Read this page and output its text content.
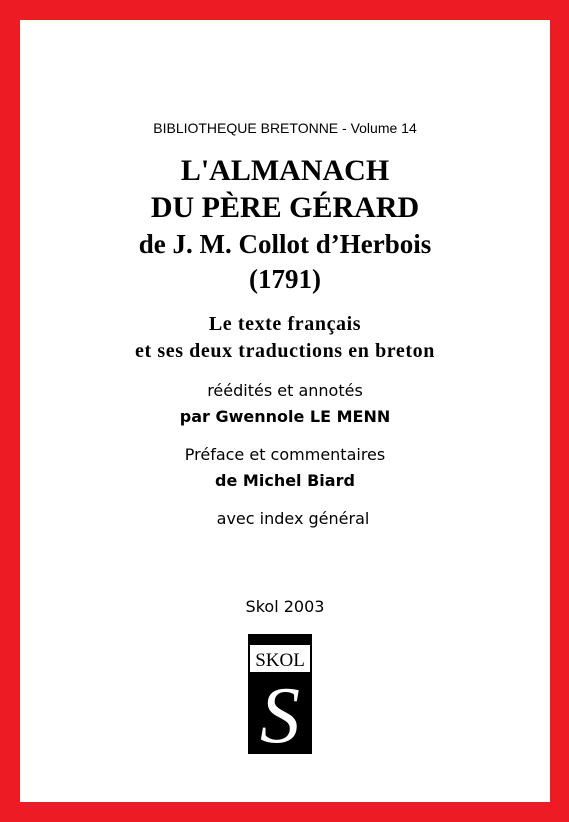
BIBLIOTHEQUE BRETONNE - Volume 14
L'ALMANACH
DU PÈRE GÉRARD
de J. M. Collot d’Herbois
(1791)
Le texte français
et ses deux traductions en breton
réédités et annotés
par Gwennole LE MENN
Préface et commentaires
de Michel Biard
avec index général
Skol 2003
SKOL
S
